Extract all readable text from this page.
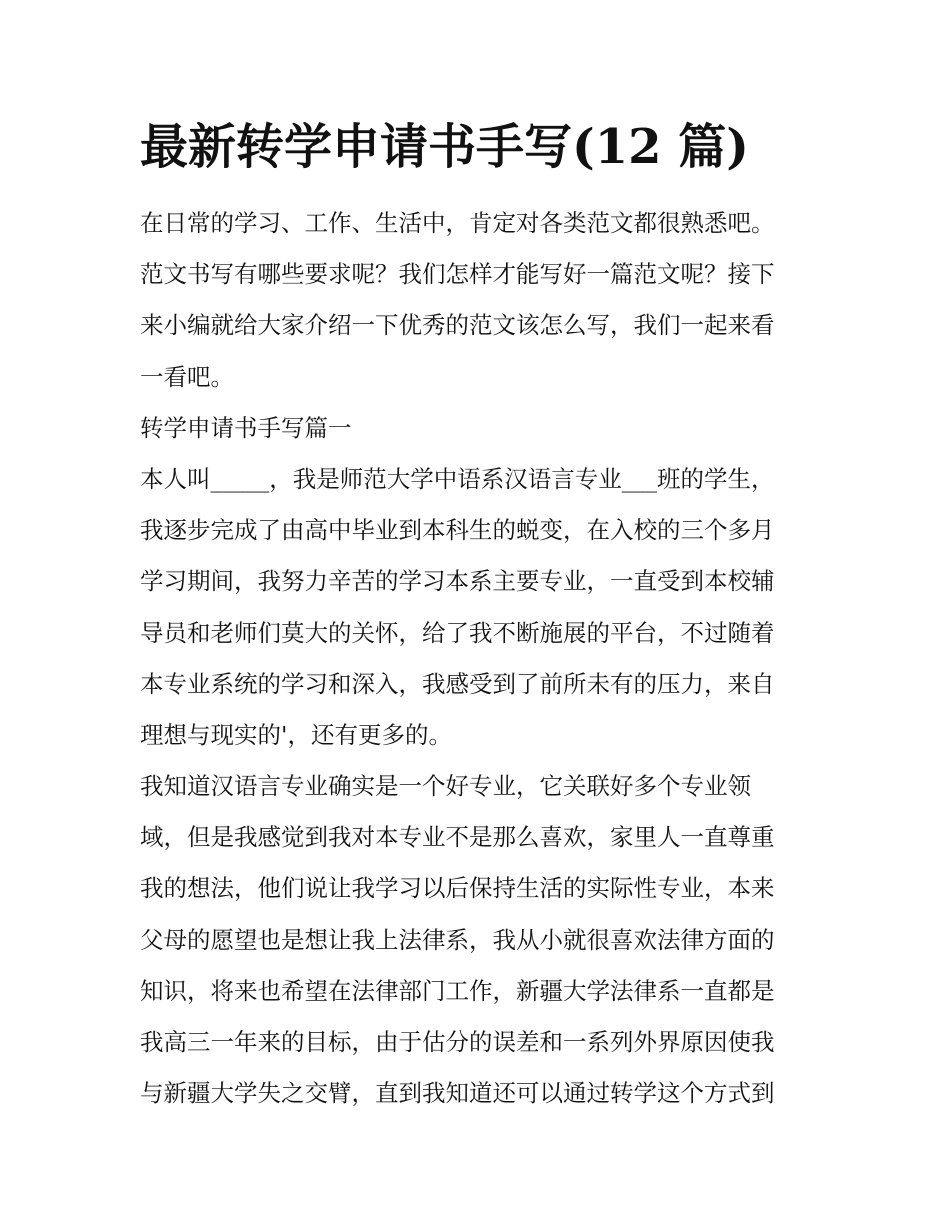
最新转学申请书手写(12 篇)
在日常的学习、工作、生活中，肯定对各类范文都很熟悉吧。
范文书写有哪些要求呢？我们怎样才能写好一篇范文呢？接下
来小编就给大家介绍一下优秀的范文该怎么写，我们一起来看
一看吧。
转学申请书手写篇一
本人叫_____，我是师范大学中语系汉语言专业___班的学生，
我逐步完成了由高中毕业到本科生的蜕变，在入校的三个多月
学习期间，我努力辛苦的学习本系主要专业，一直受到本校辅
导员和老师们莫大的关怀，给了我不断施展的平台，不过随着
本专业系统的学习和深入，我感受到了前所未有的压力，来自
理想与现实的'，还有更多的。
我知道汉语言专业确实是一个好专业，它关联好多个专业领
域，但是我感觉到我对本专业不是那么喜欢，家里人一直尊重
我的想法，他们说让我学习以后保持生活的实际性专业，本来
父母的愿望也是想让我上法律系，我从小就很喜欢法律方面的
知识，将来也希望在法律部门工作，新疆大学法律系一直都是
我高三一年来的目标，由于估分的误差和一系列外界原因使我
与新疆大学失之交臂，直到我知道还可以通过转学这个方式到
